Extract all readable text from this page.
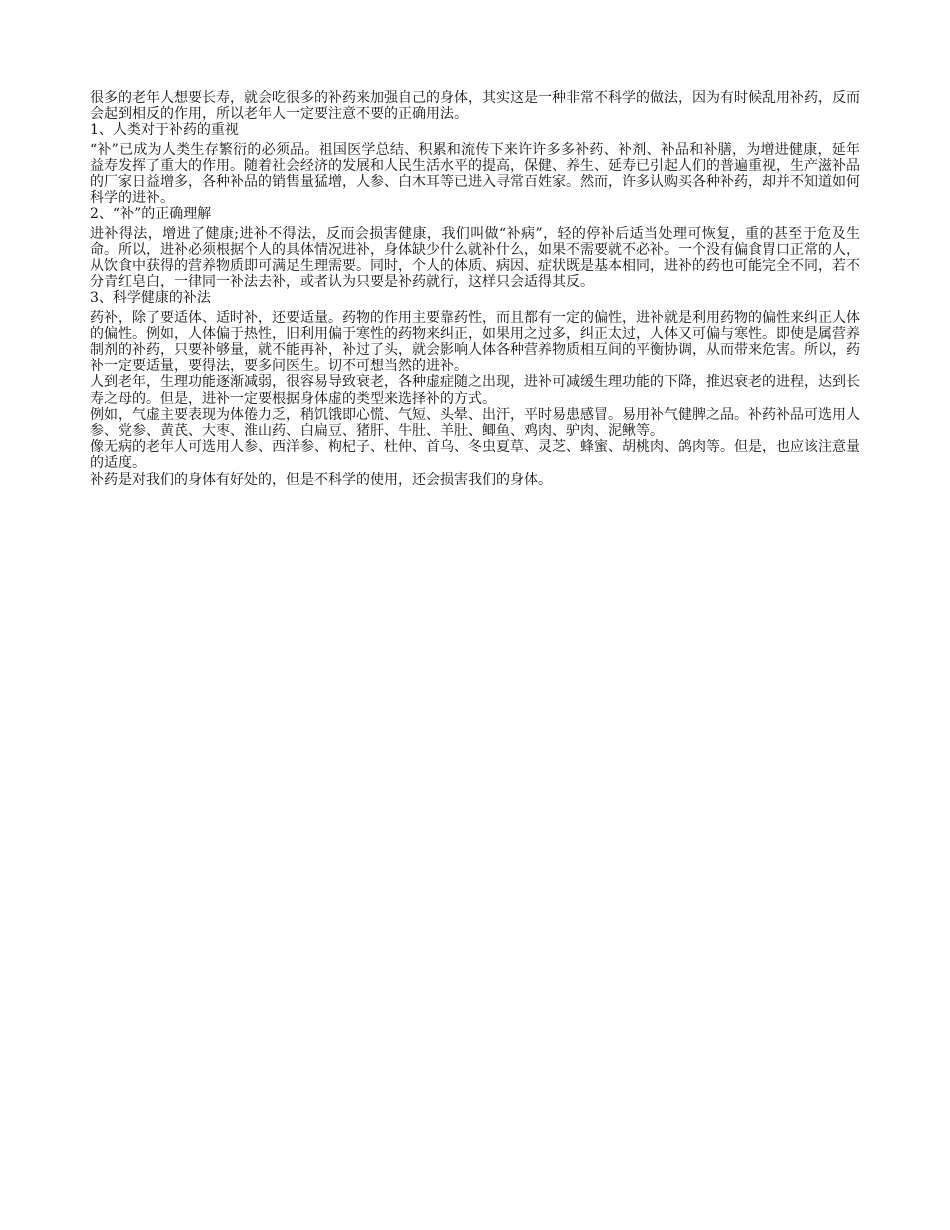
很多的老年人想要长寿，就会吃很多的补药来加强自己的身体，其实这是一种非常不科学的做法，因为有时候乱用补药，反而会起到相反的作用，所以老年人一定要注意不要的正确用法。

1、人类对于补药的重视

“补”已成为人类生存繁衍的必须品。祖国医学总结、积累和流传下来许许多多补药、补剂、补品和补膳，为增进健康，延年益寿发挥了重大的作用。随着社会经济的发展和人民生活水平的提高，保健、养生、延寿已引起人们的普遍重视，生产滋补品的厂家日益增多，各种补品的销售量猛增，人参、白木耳等已进入寻常百姓家。然而，许多认购买各种补药，却并不知道如何科学的进补。

2、“补”的正确理解

进补得法，增进了健康;进补不得法，反而会损害健康，我们叫做“补病”，轻的停补后适当处理可恢复，重的甚至于危及生命。所以，进补必须根据个人的具体情况进补，身体缺少什么就补什么，如果不需要就不必补。一个没有偏食胃口正常的人，从饮食中获得的营养物质即可满足生理需要。同时，个人的体质、病因、症状既是基本相同，进补的药也可能完全不同，若不分青红皂白，一律同一补法去补，或者认为只要是补药就行，这样只会适得其反。

3、科学健康的补法

药补，除了要适体、适时补，还要适量。药物的作用主要靠药性，而且都有一定的偏性，进补就是利用药物的偏性来纠正人体的偏性。例如，人体偏于热性，旧利用偏于寒性的药物来纠正，如果用之过多，纠正太过，人体又可偏与寒性。即使是属营养制剂的补药，只要补够量，就不能再补，补过了头，就会影响人体各种营养物质相互间的平衡协调，从而带来危害。所以，药补一定要适量，要得法，要多问医生。切不可想当然的进补。

人到老年，生理功能逐渐减弱，很容易导致衰老，各种虚症随之出现，进补可减缓生理功能的下降，推迟衰老的进程，达到长寿之母的。但是，进补一定要根据身体虚的类型来选择补的方式。

例如，气虚主要表现为体倦力乏，稍饥饿即心慌、气短、头晕、出汗，平时易患感冒。易用补气健脾之品。补药补品可选用人参、党参、黄芪、大枣、淮山药、白扁豆、猪肝、牛肚、羊肚、鲫鱼、鸡肉、驴肉、泥鳅等。

像无病的老年人可选用人参、西洋参、枸杞子、杜仲、首乌、冬虫夏草、灵芝、蜂蜜、胡桃肉、鸽肉等。但是，也应该注意量的适度。

补药是对我们的身体有好处的，但是不科学的使用，还会损害我们的身体。
